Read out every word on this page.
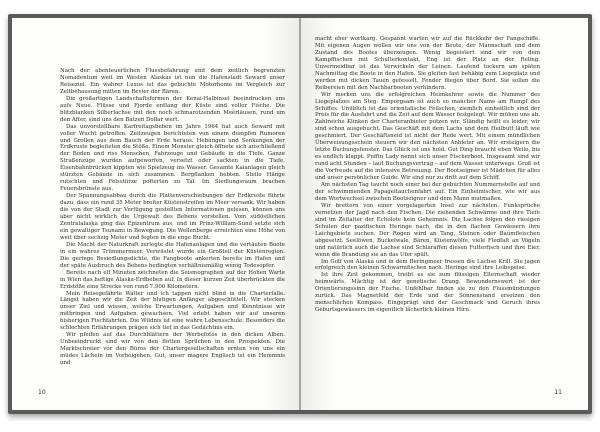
Nach der abenteuerlichen Flussbefahrung und dem zeitlich begrenzten Nomadentum weit im Westen Alaskas ist nun die Hafenstadt Seward unser Reiseziel. Ein wahrer Luxus ist das gebuchte Motorhome im Vergleich zur Zeltbehausung mitten im Revier der Bären.

Die großartigen Landschaftsformen der Kenai-Halbinsel beeindrucken uns aufs Neue. Flüsse und Fjorde entlang der Küste sind voller Fische. Die blitzblanken Silberlachse mit den noch schmarotzenden Meerläusen, rund um den After, sind uns den Batzen Dollar wert.

Das unvorstellbare Karfreitagsbeben im Jahre 1964 hat auch Seward mit voller Wucht getroffen. Zeitzeugen berichteten von einem dumpfen Rumoren und Grollen aus dem Bauch der Erde heraus. Hebungen und Senkungen der Erdkruste begleiteten die Stöße. Einem Monster gleich öffnete sich anschließend der Boden und riss Menschen, Fahrzeuge und Gebäude in die Tiefe. Ganze Straßenzüge wurden aufgeworfen, versetzt oder sackten in die Tiefe. Eisenbahnbrücken kippten wie Spielzeug ins Wasser. Gesamte Kaianlagen gleich stürzten Gebäude in sich zusammen. Bergflanken bebten. Steile Hänge rutschten und Felsstürze polterten zu Tal. Im Siedlungsraum brachen Feuersbrünste aus.

Der Spannungsabbau durch die Plattenverschiebungen der Erdkruste führte dazu, dass ein rund 35 Meter breiter Küstenstreifen im Meer versank. Wir haben die von der Stadt zur Verfügung gestellten Informationen gelesen, können uns aber nicht wirklich die Urgewalt des Bebens vorstellen. Vom südöstlichen Zentralalaska ging das Epizentrum aus, und im Prinz-William-Sund setzte sich ein gewaltiger Tsunami in Bewegung. Die Wellenberge erreichten eine Höhe von weit über sechzig Meter und fegten in die enge Bucht.

Die Macht der Naturkraft zerlegte die Hafenanlagen und die vertäuten Boote in ein wahres Trümmermeer. Verwüstet wurde ein Großteil der Küstenregion. Die geringe Besiedlungsdichte, die Fangboote ankerten bereits im Hafen und der späte Ausbruch des Bebens bedingten verhältnismäßig wenig Todesopfer.

Bereits nach elf Minuten zeichneten die Seismographen auf der Hohen Warte in Wien das heftige Alaska-Erdbeben auf. In dieser kurzen Zeit überbrückten die Erdstöße eine Strecke von rund 7.900 Kilometern.

Mein Reisegefährte Walter und ich tappen nicht blind in die Charterfalle. Längst haben wir die Zeit der blutigen Anfänger abgeschüttelt. Wir stecken unser Ziel und wissen, welche Erwartungen, Aufgaben und Kenntnisse wir mitbringen und Aufgaben gewachsen. Viel erlebt haben wir auf unseren bisherigen Fischfahrten. Die Wildnis ist eine wahre Lebensschule. Besonders die schlechten Erfahrungen prägen sich tief in das Gedächtnis ein.

Wir pfeifen auf das Durchblättern der Werbefotos in den dicken Alben. Unbeeindruckt sind wir von den flotten Sprüchen in den Prospekten. Die Marktschreier vor den Büros der Chartergesellschaften ernten von uns ein müdes Lächeln im Vorbeigehen. Gut, unser magere Englisch ist ein Hemmnis und

10

macht eher wortkarg. Gespannt warten wir auf die Rückkehr der Fangschiffe. Mit eigenen Augen wollen wir uns von der Beute, der Mannschaft und dem Zustand des Bootes überzeugen. Wenig begeistert sind wir von dem Kampffischen mit Schulterkontakt. Eng ist der Platz an der Reling. Unvermeidbar ist das Verwickeln der Leinen. Laufend tuckern am späten Nachmittag die Boote in den Hafen. Sie gleiten fast behäbig zum Liegeplatz und werden mit dicken Tauen gefesselt. Fender fliegen über Bord. Sie sollen die Reibereien mit den Nachbarbooten verhindern.

Wir merken uns die erfolgreichen Heimkehrer sowie die Nummer des Liegeplatzes am Steg. Emporgsam ist auch so mancher Name am Rumpf des Schiffes. Unüblich ist das orientalische Feilschen, ziemlich einheitlich sind der Preis für die Ausfahrt und die Zeit auf dem Wasser festgelegt. Wir mühen uns ab. Zahlreiche Klinken der Charteranbieter putzen wir. Ständig heißt es leider, wir sind schon ausgebucht. Das Geschäft mit dem Lachs und dem Heilbutt läuft wie geschmiert. Der Geschäftsneid ist nicht der Rede wert. Mit einem mündlichen Überweisungsschein steuern wir den nächsten Anbieter an. Wir ersteigern die letzte Buchungsfenster. Das Glück ist uns hold. Gut Ding braucht eben Weile, bis es endlich klappt. Puffin Lady nennt sich unser Fischerboot. Insgesamt sind wir rund acht Stunden – laut Buchungsvertrag – auf dem Wasser unterwegs. Groß ist die Vorfreude auf die intensive Betreuung. Der Bootseigner ist Mädchen für alles und unser persönlicher Guide. Wir sind nur zu dritt auf dem Schiff.

Am nächsten Tag taucht noch einer bei der gebuchten Nummernstelle auf und der schwimmenden Papageitauchenfahrt auf. Ein Einheimischer, wie wir aus dem Wortwechsel zwischen Bootseigner und dem Mann mutmaßen.

Wir brettern von einer vorgelagerten Insel zur nächsten. Funksprüche vernetzen der Jagd nach den Fischen. Die ziehenden Schwärme und ihre Tiefe sind im Zeitalter der Echolote kein Geheimnis. Die Lachse folgen den riesigen Schulen der pazifischen Heringe nach, die in den flachen Gewässern ihre Laichgebiete suchen. Der Rogen wird an Tang, Steinen oder Baumfleischen abgesetzt. Seelöwen, Buckelwale, Bären, Küstenwölfe, viele Fledfalt an Vögeln und natürlich auch die Lachse sind Schlaraffen diesen Futterfisch und ihre Eier, wenn die Brandung sie an das Ufer spült.

Im Golf von Alaska und in dem Beringmeer fressen die Lachse Krill. Sie jagen erfolgreich den kleinen Schwarmfischen nach. Heringe sind ihre Leibspeise.

Ist ihre Zeit gekommen, treibt es sie zum flüssigen Elternschaft wieder heimwärts. Mächtig ist der genetische Drang. Bewundernswert ist der Orientierungssinn der Fische. Unfehlbar finden sie zu den Flussmündungen zurück. Das Magnetfeld der Erde und der Sonnenstand ersetzen den menschlichen Kompass. Eingeprägt sind der Geschmack und Geruch ihres Geburtsgewässers im eigentlich lächerlich kleinen Hirn.

11
